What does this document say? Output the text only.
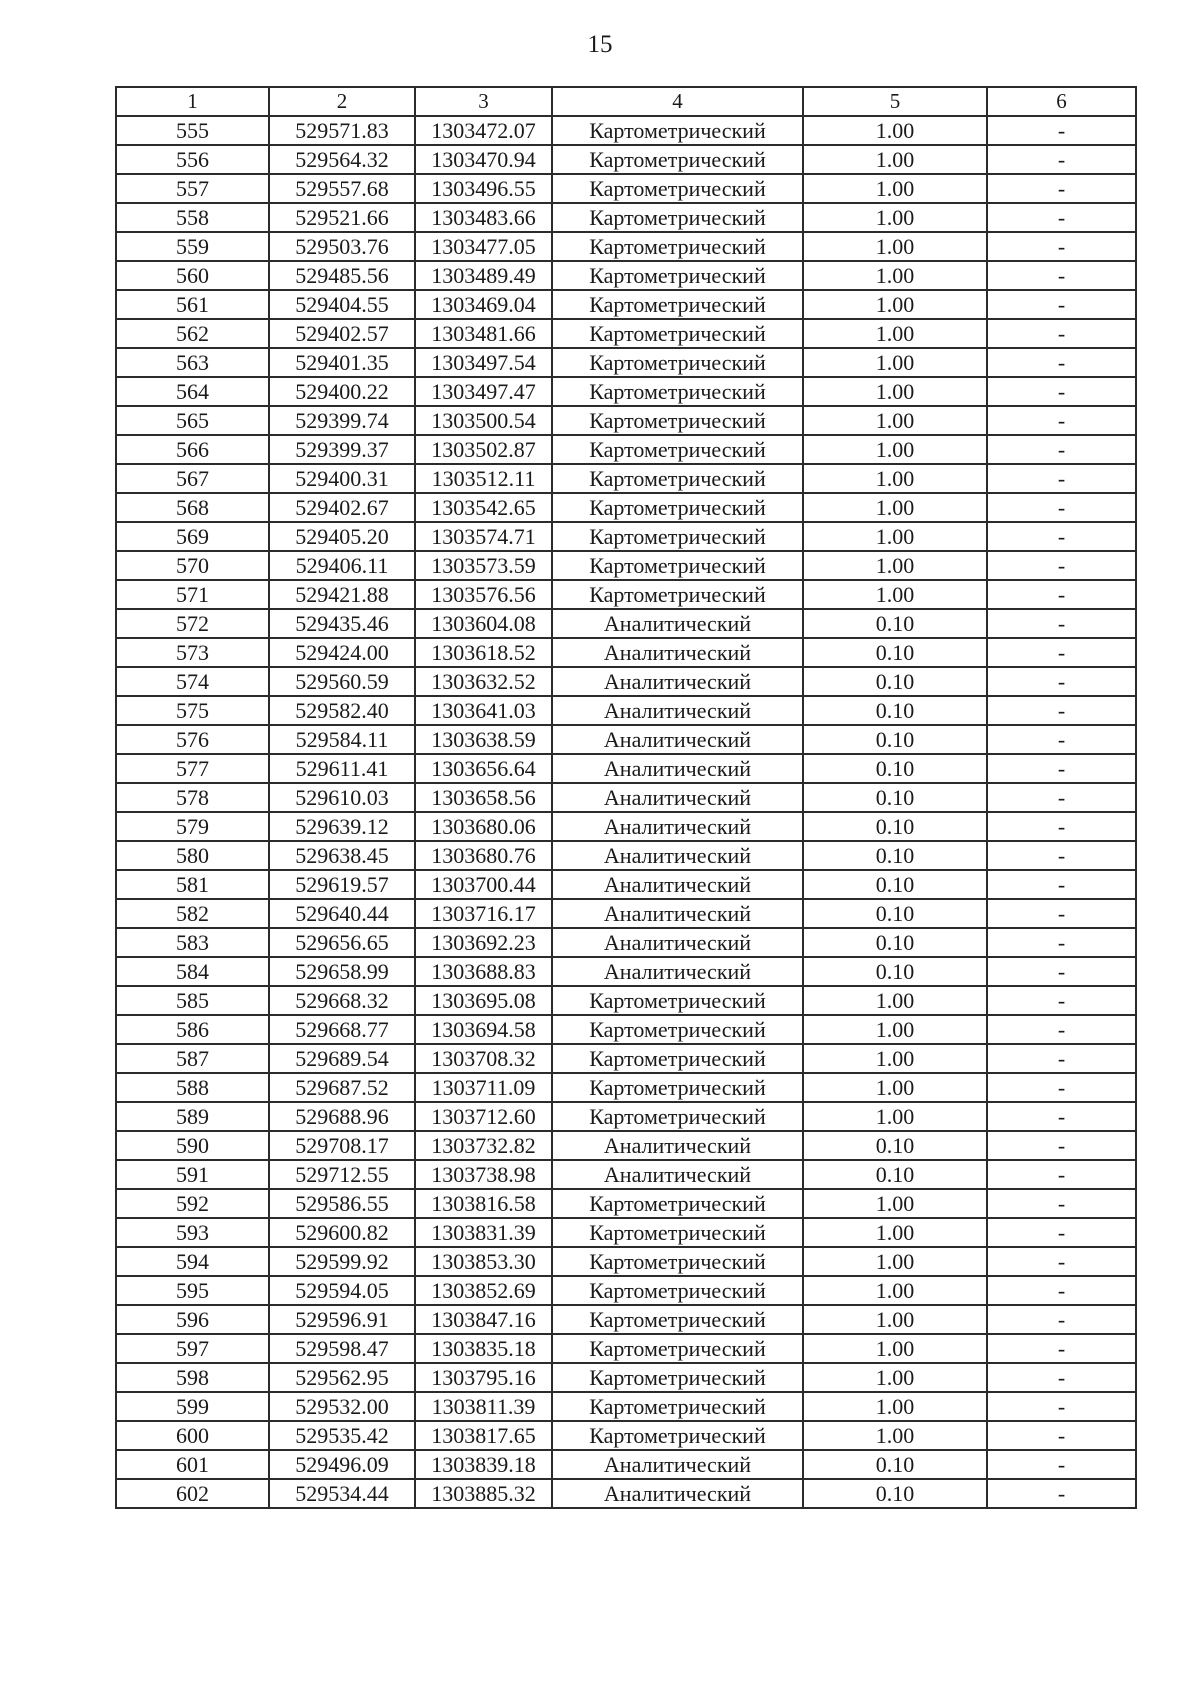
15
1	2	3	4	5	6
555	529571.83	1303472.07	Картометрический	1.00	-
556	529564.32	1303470.94	Картометрический	1.00	-
557	529557.68	1303496.55	Картометрический	1.00	-
558	529521.66	1303483.66	Картометрический	1.00	-
559	529503.76	1303477.05	Картометрический	1.00	-
560	529485.56	1303489.49	Картометрический	1.00	-
561	529404.55	1303469.04	Картометрический	1.00	-
562	529402.57	1303481.66	Картометрический	1.00	-
563	529401.35	1303497.54	Картометрический	1.00	-
564	529400.22	1303497.47	Картометрический	1.00	-
565	529399.74	1303500.54	Картометрический	1.00	-
566	529399.37	1303502.87	Картометрический	1.00	-
567	529400.31	1303512.11	Картометрический	1.00	-
568	529402.67	1303542.65	Картометрический	1.00	-
569	529405.20	1303574.71	Картометрический	1.00	-
570	529406.11	1303573.59	Картометрический	1.00	-
571	529421.88	1303576.56	Картометрический	1.00	-
572	529435.46	1303604.08	Аналитический	0.10	-
573	529424.00	1303618.52	Аналитический	0.10	-
574	529560.59	1303632.52	Аналитический	0.10	-
575	529582.40	1303641.03	Аналитический	0.10	-
576	529584.11	1303638.59	Аналитический	0.10	-
577	529611.41	1303656.64	Аналитический	0.10	-
578	529610.03	1303658.56	Аналитический	0.10	-
579	529639.12	1303680.06	Аналитический	0.10	-
580	529638.45	1303680.76	Аналитический	0.10	-
581	529619.57	1303700.44	Аналитический	0.10	-
582	529640.44	1303716.17	Аналитический	0.10	-
583	529656.65	1303692.23	Аналитический	0.10	-
584	529658.99	1303688.83	Аналитический	0.10	-
585	529668.32	1303695.08	Картометрический	1.00	-
586	529668.77	1303694.58	Картометрический	1.00	-
587	529689.54	1303708.32	Картометрический	1.00	-
588	529687.52	1303711.09	Картометрический	1.00	-
589	529688.96	1303712.60	Картометрический	1.00	-
590	529708.17	1303732.82	Аналитический	0.10	-
591	529712.55	1303738.98	Аналитический	0.10	-
592	529586.55	1303816.58	Картометрический	1.00	-
593	529600.82	1303831.39	Картометрический	1.00	-
594	529599.92	1303853.30	Картометрический	1.00	-
595	529594.05	1303852.69	Картометрический	1.00	-
596	529596.91	1303847.16	Картометрический	1.00	-
597	529598.47	1303835.18	Картометрический	1.00	-
598	529562.95	1303795.16	Картометрический	1.00	-
599	529532.00	1303811.39	Картометрический	1.00	-
600	529535.42	1303817.65	Картометрический	1.00	-
601	529496.09	1303839.18	Аналитический	0.10	-
602	529534.44	1303885.32	Аналитический	0.10	-
